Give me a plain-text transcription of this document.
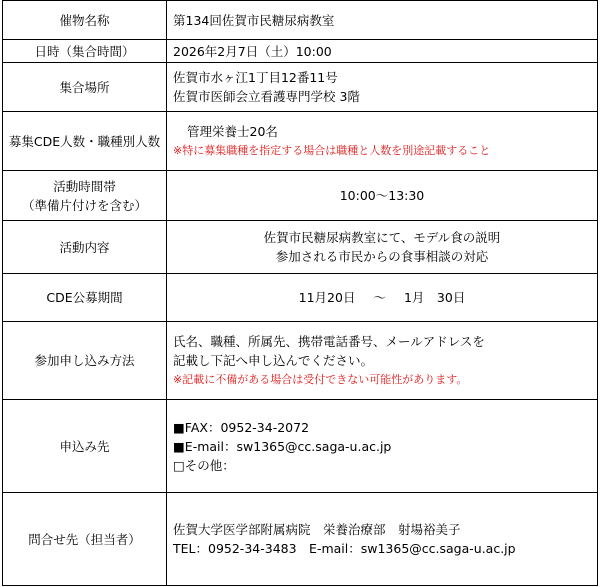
催物名称	第134回佐賀市民糖尿病教室
日時（集合時間）	2026年2月7日（土）10:00
集合場所	佐賀市水ヶ江1丁目12番11号
佐賀市医師会立看護専門学校 3階

募集CDE人数・職種別人数	管理栄養士20名
※特に募集職種を指定する場合は職種と人数を別途記載すること

活動時間帯
（準備片付けを含む）	10:00～13:30
活動内容	佐賀市民糖尿病教室にて、モデル食の説明
参加される市民からの食事相談の対応

CDE公募期間	11月20日 ～ 1月　30日

参加申し込み方法	氏名、職種、所属先、携帯電話番号、メールアドレスを
記載し下記へ申し込んでください。
※記載に不備がある場合は受付できない可能性があります。

申込み先	■FAX：0952-34-2072
■E-mail：sw1365@cc.saga-u.ac.jp
□その他：

問合せ先（担当者）	佐賀大学医学部附属病院　栄養治療部　射場裕美子
TEL：0952-34-3483　E-mail：sw1365@cc.saga-u.ac.jp
